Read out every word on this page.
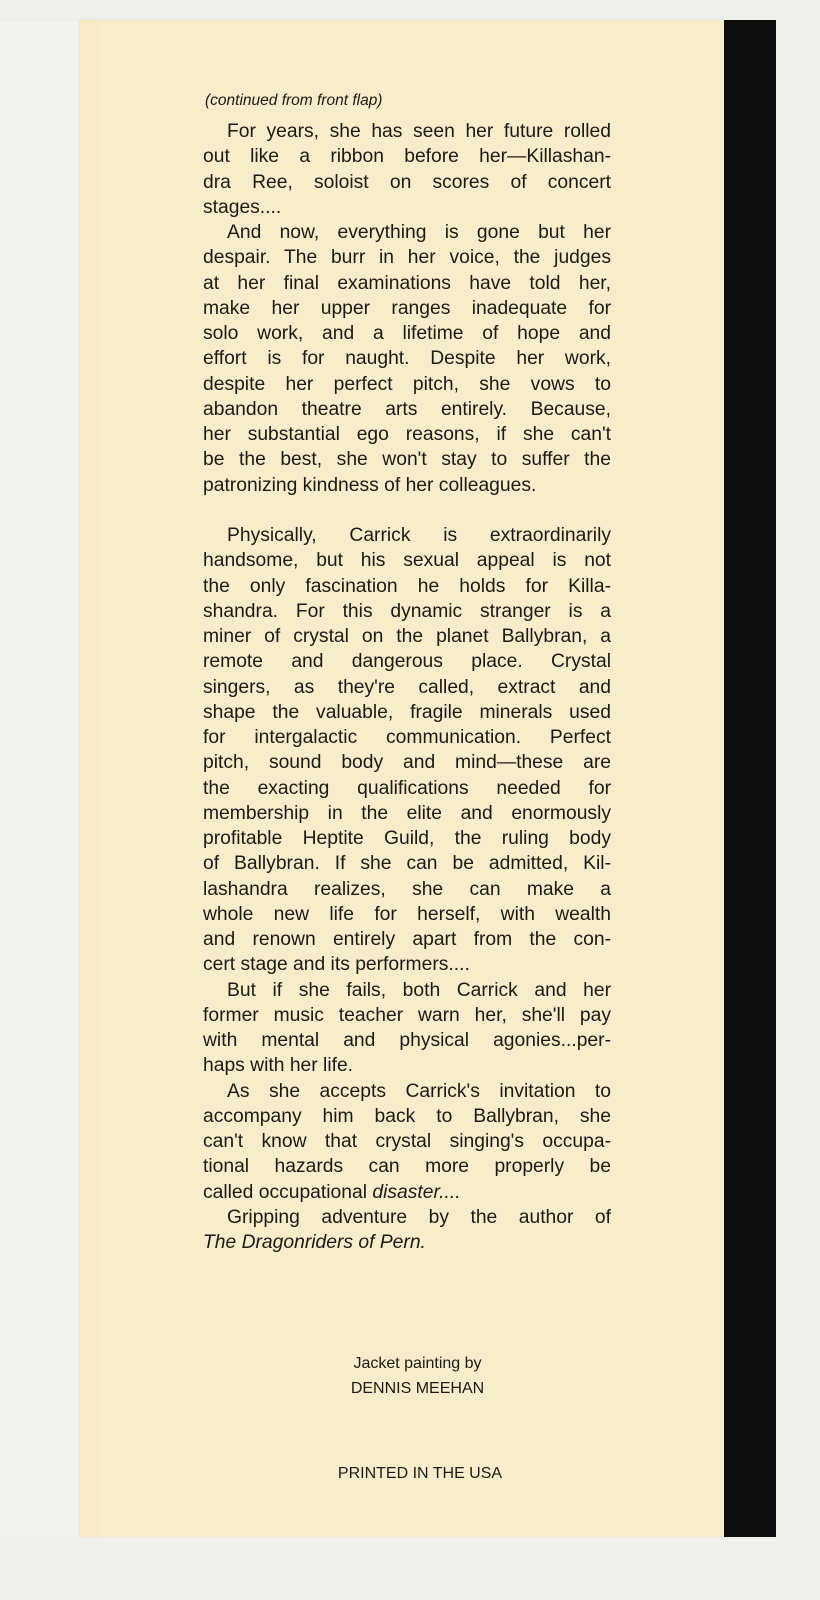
(continued from front flap)
For years, she has seen her future rolled
out like a ribbon before her—Killashan-
dra Ree, soloist on scores of concert
stages....
And now, everything is gone but her
despair. The burr in her voice, the judges
at her final examinations have told her,
make her upper ranges inadequate for
solo work, and a lifetime of hope and
effort is for naught. Despite her work,
despite her perfect pitch, she vows to
abandon theatre arts entirely. Because,
her substantial ego reasons, if she can't
be the best, she won't stay to suffer the
patronizing kindness of her colleagues.
Physically, Carrick is extraordinarily
handsome, but his sexual appeal is not
the only fascination he holds for Killa-
shandra. For this dynamic stranger is a
miner of crystal on the planet Ballybran, a
remote and dangerous place. Crystal
singers, as they're called, extract and
shape the valuable, fragile minerals used
for intergalactic communication. Perfect
pitch, sound body and mind—these are
the exacting qualifications needed for
membership in the elite and enormously
profitable Heptite Guild, the ruling body
of Ballybran. If she can be admitted, Kil-
lashandra realizes, she can make a
whole new life for herself, with wealth
and renown entirely apart from the con-
cert stage and its performers....
But if she fails, both Carrick and her
former music teacher warn her, she'll pay
with mental and physical agonies...per-
haps with her life.
As she accepts Carrick's invitation to
accompany him back to Ballybran, she
can't know that crystal singing's occupa-
tional hazards can more properly be
called occupational disaster....
Gripping adventure by the author of
The Dragonriders of Pern.
Jacket painting by
DENNIS MEEHAN
PRINTED IN THE USA
